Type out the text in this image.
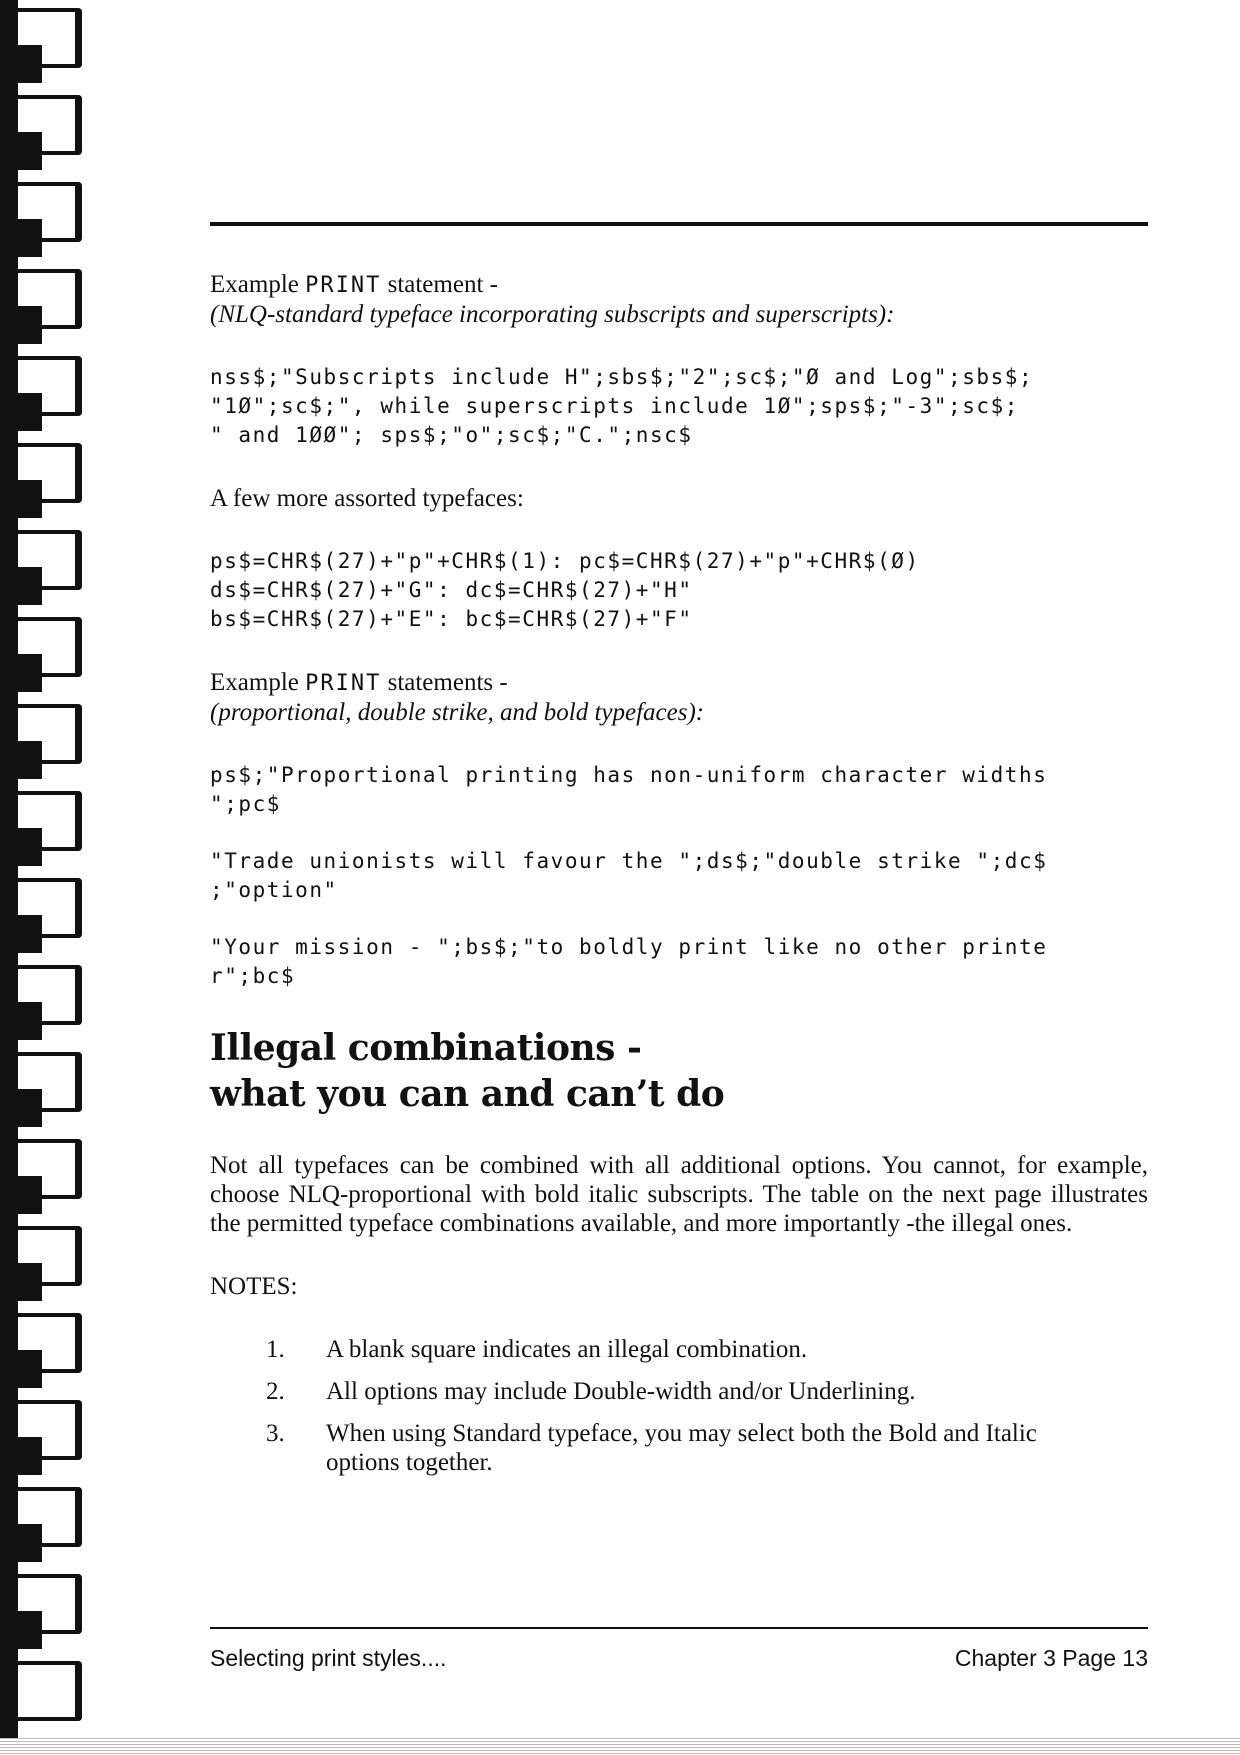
Example PRINT statement -

(NLQ-standard typeface incorporating subscripts and superscripts):

nss$;"Subscripts include H";sbs$;"2";sc$;"Ø and Log";sbs$;

"1Ø";sc$;", while superscripts include 1Ø";sps$;"-3";sc$;

" and 1ØØ"; sps$;"o";sc$;"C.";nsc$

A few more assorted typefaces:

ps$=CHR$(27)+"p"+CHR$(1): pc$=CHR$(27)+"p"+CHR$(Ø)

ds$=CHR$(27)+"G": dc$=CHR$(27)+"H"

bs$=CHR$(27)+"E": bc$=CHR$(27)+"F"

Example PRINT statements -

(proportional, double strike, and bold typefaces):

ps$;"Proportional printing has non-uniform character widths

";pc$

"Trade unionists will favour the ";ds$;"double strike ";dc$

;"option"

"Your mission - ";bs$;"to boldly print like no other printe

r";bc$

Illegal combinations -
what you can and can’t do

Not all typefaces can be combined with all additional options. You cannot, for example, choose NLQ-proportional with bold italic subscripts. The table on the next page illustrates the permitted typeface combinations available, and more importantly -the illegal ones.

NOTES:

1.	A blank square indicates an illegal combination.
2.	All options may include Double-width and/or Underlining.
3.	When using Standard typeface, you may select both the Bold and Italic options together.
Selecting print styles....	Chapter 3 Page 13
